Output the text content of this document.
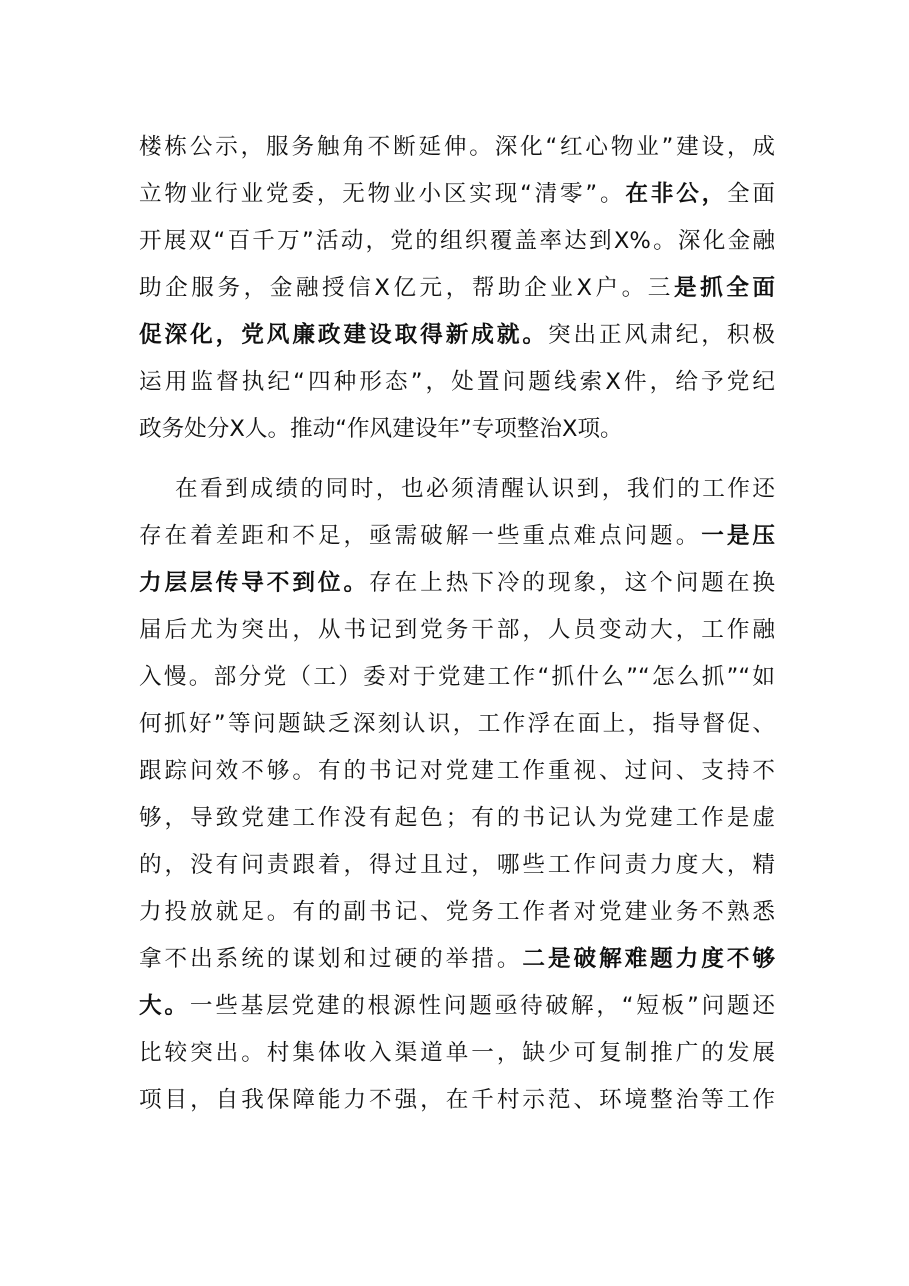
楼栋公示，服务触角不断延伸。深化“红心物业”建设，成
立物业行业党委，无物业小区实现“清零”。在非公，全面
开展双“百千万”活动，党的组织覆盖率达到X%。深化金融
助企服务，金融授信X亿元，帮助企业X户。三是抓全面
促深化，党风廉政建设取得新成就。突出正风肃纪，积极
运用监督执纪“四种形态”，处置问题线索X件，给予党纪
政务处分X人。推动“作风建设年”专项整治X项。
在看到成绩的同时，也必须清醒认识到，我们的工作还
存在着差距和不足，亟需破解一些重点难点问题。一是压
力层层传导不到位。存在上热下冷的现象，这个问题在换
届后尤为突出，从书记到党务干部，人员变动大，工作融
入慢。部分党（工）委对于党建工作“抓什么”“怎么抓”“如
何抓好”等问题缺乏深刻认识，工作浮在面上，指导督促、
跟踪问效不够。有的书记对党建工作重视、过问、支持不
够，导致党建工作没有起色；有的书记认为党建工作是虚
的，没有问责跟着，得过且过，哪些工作问责力度大，精
力投放就足。有的副书记、党务工作者对党建业务不熟悉
拿不出系统的谋划和过硬的举措。二是破解难题力度不够
大。一些基层党建的根源性问题亟待破解，“短板”问题还
比较突出。村集体收入渠道单一，缺少可复制推广的发展
项目，自我保障能力不强，在千村示范、环境整治等工作
